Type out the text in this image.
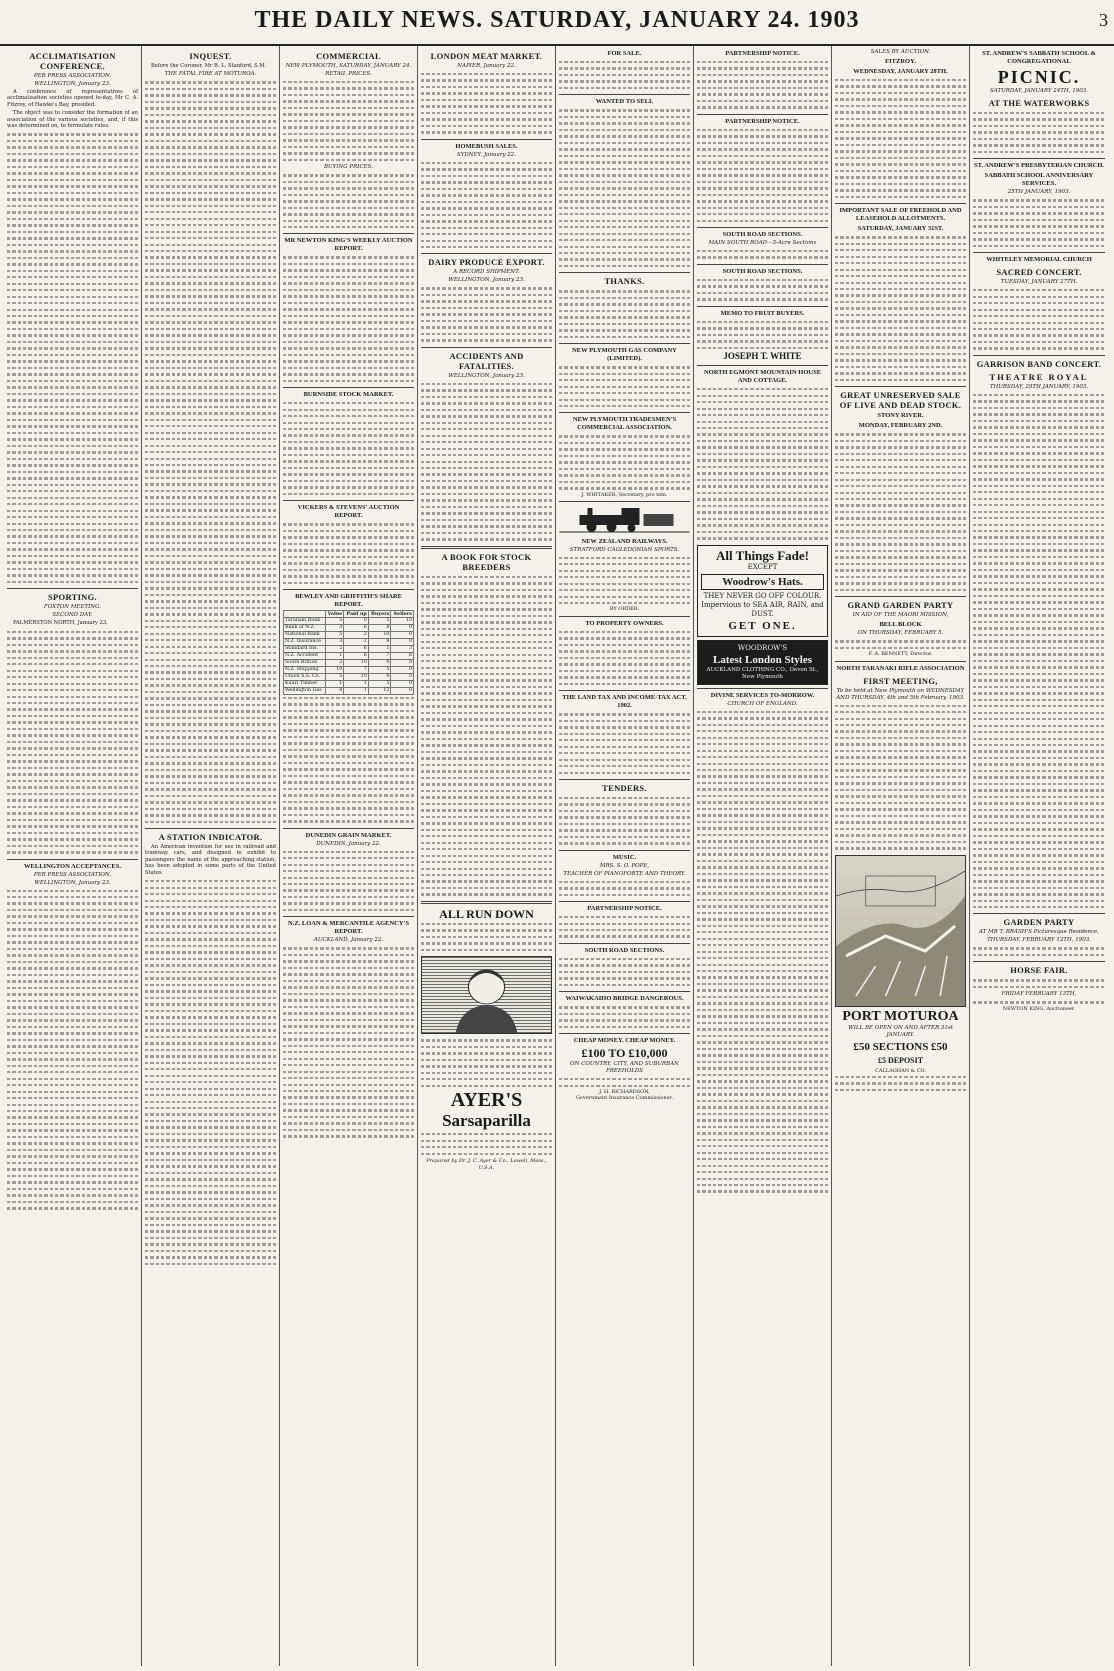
THE DAILY NEWS. SATURDAY, JANUARY 24. 1903	3
ACCLIMATISATION CONFERENCE.
PER PRESS ASSOCIATION.
WELLINGTON, January 23.

A conference of representatives of acclimatisation societies opened to-day, Mr C. A. Fitzroy, of Hawke's Bay, presided.

The object was to consider the formation of an association of the various societies, and, if this was determined on, to formulate rules.

SPORTING.
FOXTON MEETING.
SECOND DAY.

PALMERSTON NORTH, January 23.

WELLINGTON ACCEPTANCES.
PER PRESS ASSOCIATION.
WELLINGTON, January 23.
INQUEST.

Before the Coroner, Mr R. L. Stanford, S.M.

THE FATAL FIRE AT MOTUROA.
A STATION INDICATOR.

An American invention for use in railroad and tramway cars, and designed to exhibit to passengers the name of the approaching station, has been adopted in some parts of the United States.

COMMERCIAL
NEW PLYMOUTH, SATURDAY, JANUARY 24.
RETAIL PRICES.
BUYING PRICES.
MR NEWTON KING'S WEEKLY AUCTION REPORT.
BURNSIDE STOCK MARKET.
VICKERS & STEVENS' AUCTION REPORT.
BEWLEY AND GRIFFITH'S SHARE REPORT.
	Value	Paid up	Buyers	Sellers
Taranaki Bank	5	0	5	10
Bank of N.Z.	3	6	8	0
National Bank	5	2	10	0
N.Z. Insurance	3	2	8	0
Standard Ins.	2	6	1	3
N.Z. Accident	1	6	7	6
South British	2	10	0	0
N.Z. Shipping	10	7	5	0
Union S.S. Co.	5	10	0	0
Kauri Timber	1	1	5	0
Wellington Gas	4	1	12	0
DUNEDIN GRAIN MARKET.
DUNEDIN, January 22.
N.Z. LOAN & MERCANTILE AGENCY'S REPORT.
AUCKLAND, January 22.
LONDON MEAT MARKET.
NAPIER, January 22.
HOMEBUSH SALES.
SYDNEY, January 22.
DAIRY PRODUCE EXPORT.
A RECORD SHIPMENT.
WELLINGTON, January 23.
ACCIDENTS AND FATALITIES.
WELLINGTON, January 23.
A BOOK FOR STOCK BREEDERS
ALL RUN DOWN
AYER'S
Sarsaparilla
Prepared by Dr. J. C. Ayer & Co., Lowell, Mass., U.S.A.
FOR SALE.
WANTED TO SELL
THANKS.
NEW PLYMOUTH GAS COMPANY (LIMITED).
NEW PLYMOUTH TRADESMEN'S COMMERCIAL ASSOCIATION.
J. WHITAKER, Secretary, pro tem.
NEW ZEALAND RAILWAYS.
STRATFORD CAGLEDONIAN SPORTS.
BY ORDER.
TO PROPERTY OWNERS.
THE LAND TAX AND INCOME-TAX ACT, 1902.
TENDERS.
MUSIC.
MRS. S. O. POPE,
TEACHER OF PIANOFORTE AND THEORY.
PARTNERSHIP NOTICE.
SOUTH ROAD SECTIONS.
WAIWAKAIHO BRIDGE DANGEROUS.
CHEAP MONEY. CHEAP MONEY.
£100 TO £10,000
ON COUNTRY, CITY, AND SUBURBAN FREEHOLDS
J. H. RICHARDSON,
Government Insurance Commissioner.
PARTNERSHIP NOTICE.
PARTNERSHIP NOTICE.
SOUTH ROAD SECTIONS.
MAIN SOUTH ROAD—5-Acre Sections
SOUTH ROAD SECTIONS.
MEMO TO FRUIT BUYERS.
JOSEPH T. WHITE
NORTH EGMONT MOUNTAIN HOUSE AND COTTAGE.
All Things Fade!
EXCEPT
Woodrow's Hats.
THEY NEVER GO OFF COLOUR.
Impervious to SEA AIR, RAIN, and DUST.
GET ONE.
WOODROW'S
Latest London Styles
AUCKLAND CLOTHING CO., Devon St., New Plymouth
DIVINE SERVICES TO-MORROW.
CHURCH OF ENGLAND.
SALES BY AUCTION.
FITZROY.
WEDNESDAY, JANUARY 28TH.
IMPORTANT SALE OF FREEHOLD AND LEASEHOLD ALLOTMENTS.
SATURDAY, JANUARY 31ST.
GREAT UNRESERVED SALE OF LIVE AND DEAD STOCK.
STONY RIVER.
MONDAY, FEBRUARY 2ND.
GRAND GARDEN PARTY
IN AID OF THE MAORI MISSION,
BELL BLOCK
ON THURSDAY, FEBRUARY 5.
F. A. BENNETT, Director.
NORTH TARANAKI RIFLE ASSOCIATION
FIRST MEETING,
To be held at New Plymouth on WEDNESDAY AND THURSDAY, 4th and 5th February, 1903.
PORT MOTUROA
WILL BE OPEN ON AND AFTER 31st JANUARY.
£50 SECTIONS £50
£5 DEPOSIT
CALLAGHAN & CO.
ST. ANDREW'S SABBATH SCHOOL & CONGREGATIONAL
PICNIC.
SATURDAY, JANUARY 24TH, 1903.
AT THE WATERWORKS
ST. ANDREW'S PRESBYTERIAN CHURCH.
SABBATH SCHOOL ANNIVERSARY SERVICES.
25TH JANUARY, 1903.
WHITELEY MEMORIAL CHURCH
SACRED CONCERT.
TUESDAY, JANUARY 27TH.
GARRISON BAND CONCERT.
THEATRE ROYAL
THURSDAY, 29TH JANUARY, 1903.
GARDEN PARTY
AT MR T. BRASH'S Picturesque Residence,
THURSDAY, FEBRUARY 12TH, 1903.
HORSE FAIR.
FRIDAY FEBRUARY 13TH,
NEWTON KING, Auctioneer.
